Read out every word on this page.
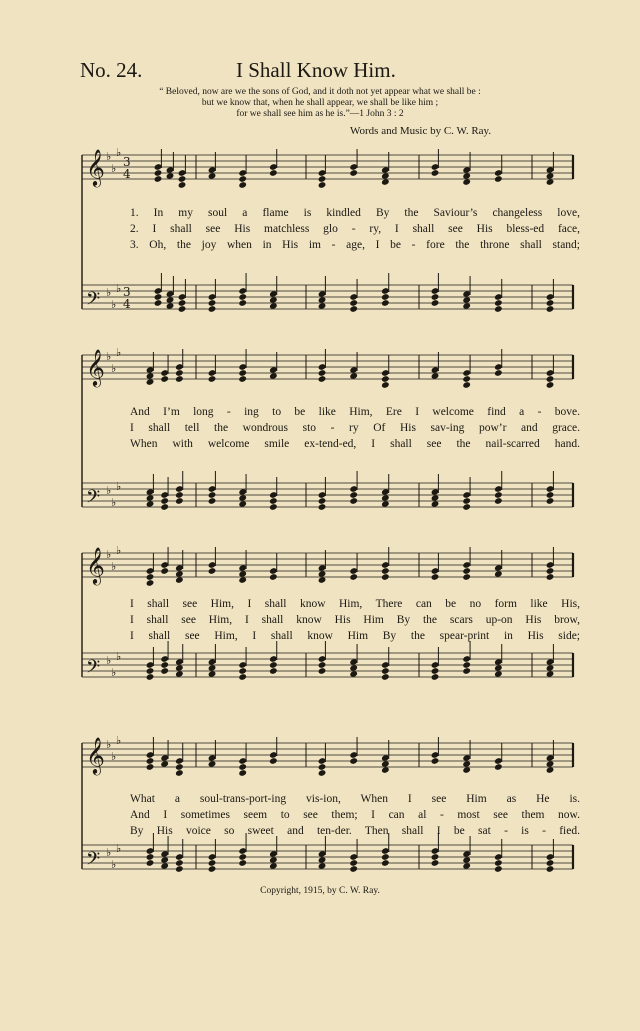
No. 24.	I Shall Know Him.
“ Beloved, now are we the sons of God, and it doth not yet appear what we shall be :
but we know that, when he shall appear, we shall be like him ;
for we shall see him as he is.”—1 John 3 : 2
Words and Music by C. W. Ray.
𝄞 ♭
♭
♭
3
4
𝄢 ♭
♭
♭ 3
4
𝄞 ♭
♭
♭
𝄢 ♭
♭
♭
𝄞 ♭
♭
♭
𝄢 ♭
♭
♭
𝄞 ♭
♭
♭
𝄢 ♭
♭
♭
1. In my soul a flame is kindled By the Saviour’s changeless love,
2. I shall see His matchless glo - ry, I shall see His bless-ed face,
3. Oh, the joy when in His im - age, I be - fore the throne shall stand;
And I’m long - ing to be like Him, Ere I welcome find a - bove.
I shall tell the wondrous sto - ry Of His sav-ing pow’r and grace.
When with welcome smile ex-tend-ed, I shall see the nail-scarred hand.
I shall see Him, I shall know Him, There can be no form like His,
I shall see Him, I shall know His Him By the scars up-on His brow,
I shall see Him, I shall know Him By the spear-print in His side;
What a soul-trans-port-ing vis-ion, When I see Him as He is.
And I sometimes seem to see them; I can al - most see them now.
By His voice so sweet and ten-der. Then shall I be sat - is - fied.
Copyright, 1915, by C. W. Ray.
